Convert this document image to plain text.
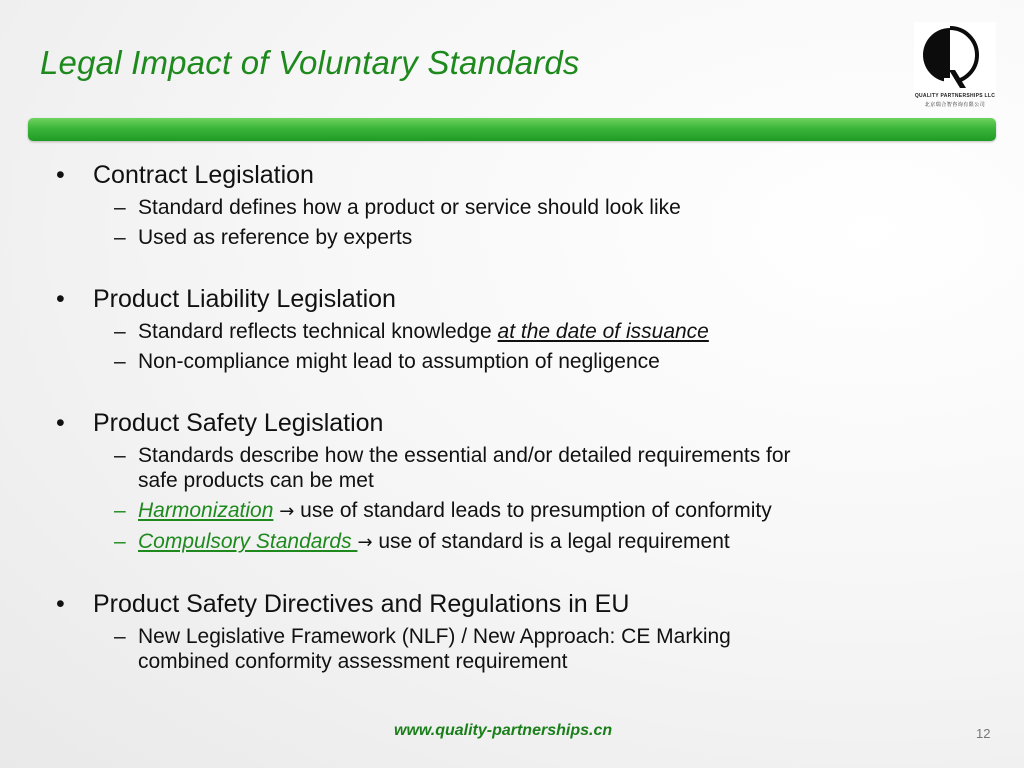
Legal Impact of Voluntary Standards
QUALITY PARTNERSHIPS LLC
北京瑞合智咨询有限公司
• Contract Legislation
– Standard defines how a product or service should look like
– Used as reference by experts
• Product Liability Legislation
– Standard reflects technical knowledge at the date of issuance
– Non-compliance might lead to assumption of negligence
• Product Safety Legislation
– Standards describe how the essential and/or detailed requirements for
safe products can be met
– Harmonization → use of standard leads to presumption of conformity
– Compulsory Standards → use of standard is a legal requirement
• Product Safety Directives and Regulations in EU
– New Legislative Framework (NLF) / New Approach: CE Marking
combined conformity assessment requirement
www.quality-partnerships.cn	12
